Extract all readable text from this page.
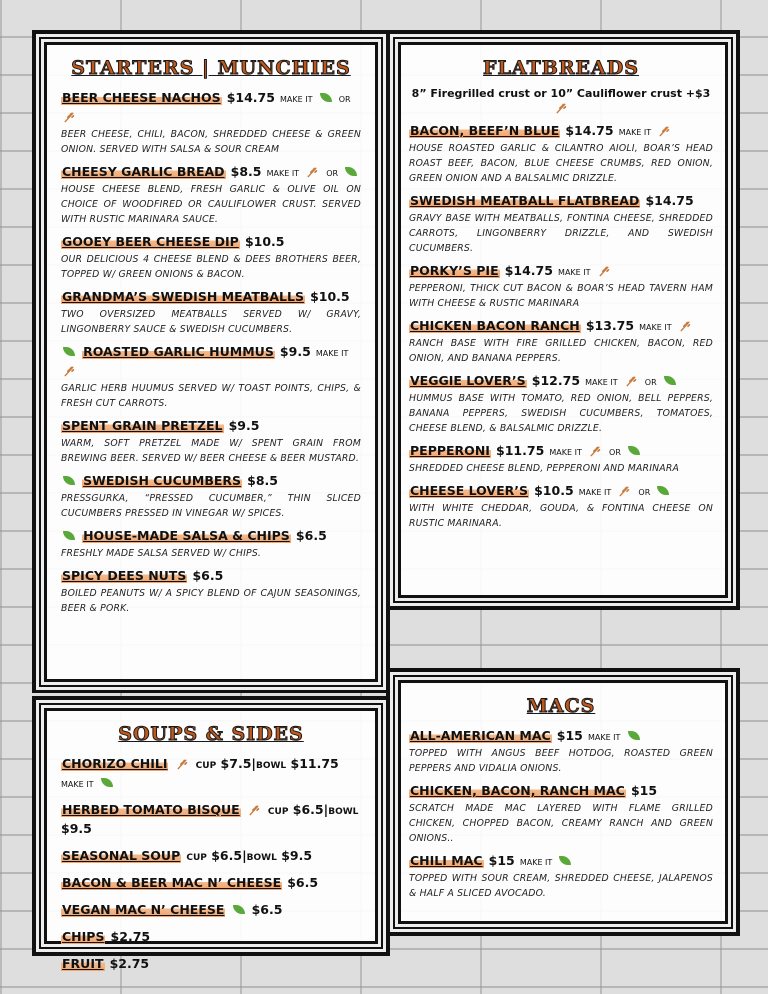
STARTERS | MUNCHIES
BEER CHEESE NACHOS $14.75 MAKE IT	OR
BEER CHEESE, CHILI, BACON, SHREDDED CHEESE & GREEN ONION. SERVED WITH SALSA & SOUR CREAM
CHEESY GARLIC BREAD $8.5 MAKE IT	OR
HOUSE CHEESE BLEND, FRESH GARLIC & OLIVE OIL ON CHOICE OF WOODFIRED OR CAULIFLOWER CRUST. SERVED WITH RUSTIC MARINARA SAUCE.
GOOEY BEER CHEESE DIP $10.5
OUR DELICIOUS 4 CHEESE BLEND & DEES BROTHERS BEER, TOPPED W/ GREEN ONIONS & BACON.
GRANDMA’S SWEDISH MEATBALLS $10.5
TWO OVERSIZED MEATBALLS SERVED W/ GRAVY, LINGONBERRY SAUCE & SWEDISH CUCUMBERS.
ROASTED GARLIC HUMMUS $9.5 MAKE IT
GARLIC HERB HUUMUS SERVED W/ TOAST POINTS, CHIPS, & FRESH CUT CARROTS.
SPENT GRAIN PRETZEL $9.5
WARM, SOFT PRETZEL MADE W/ SPENT GRAIN FROM BREWING BEER. SERVED W/ BEER CHEESE & BEER MUSTARD.
SWEDISH CUCUMBERS $8.5
PRESSGURKA, “PRESSED CUCUMBER,” THIN SLICED CUCUMBERS PRESSED IN VINEGAR W/ SPICES.
HOUSE-MADE SALSA & CHIPS $6.5
FRESHLY MADE SALSA SERVED W/ CHIPS.
SPICY DEES NUTS $6.5
BOILED PEANUTS W/ A SPICY BLEND OF CAJUN SEASONINGS, BEER & PORK.
FLATBREADS
8” Firegrilled crust or 10” Cauliflower crust +$3
BACON, BEEF’N BLUE $14.75 MAKE IT
HOUSE ROASTED GARLIC & CILANTRO AIOLI, BOAR’S HEAD ROAST BEEF, BACON, BLUE CHEESE CRUMBS, RED ONION, GREEN ONION AND A BALSALMIC DRIZZLE.
SWEDISH MEATBALL FLATBREAD $14.75
GRAVY BASE WITH MEATBALLS, FONTINA CHEESE, SHREDDED CARROTS, LINGONBERRY DRIZZLE, AND SWEDISH CUCUMBERS.
PORKY’S PIE $14.75 MAKE IT
PEPPERONI, THICK CUT BACON & BOAR’S HEAD TAVERN HAM WITH CHEESE & RUSTIC MARINARA
CHICKEN BACON RANCH $13.75 MAKE IT
RANCH BASE WITH FIRE GRILLED CHICKEN, BACON, RED ONION, AND BANANA PEPPERS.
VEGGIE LOVER’S $12.75 MAKE IT	OR
HUMMUS BASE WITH TOMATO, RED ONION, BELL PEPPERS, BANANA PEPPERS, SWEDISH CUCUMBERS, TOMATOES, CHEESE BLEND, & BALSALMIC DRIZZLE.
PEPPERONI $11.75 MAKE IT	OR
SHREDDED CHEESE BLEND, PEPPERONI AND MARINARA
CHEESE LOVER’S $10.5 MAKE IT	OR
WITH WHITE CHEDDAR, GOUDA, & FONTINA CHEESE ON RUSTIC MARINARA.
SOUPS & SIDES
CHORIZO CHILI	CUP $7.5|BOWL $11.75 MAKE IT
HERBED TOMATO BISQUE	CUP $6.5|BOWL $9.5
SEASONAL SOUP CUP $6.5|BOWL $9.5
BACON & BEER MAC N’ CHEESE $6.5
VEGAN MAC N’ CHEESE $6.5
CHIPS $2.75
FRUIT $2.75
MACS
ALL-AMERICAN MAC $15 MAKE IT
TOPPED WITH ANGUS BEEF HOTDOG, ROASTED GREEN PEPPERS AND VIDALIA ONIONS.
CHICKEN, BACON, RANCH MAC $15
SCRATCH MADE MAC LAYERED WITH FLAME GRILLED CHICKEN, CHOPPED BACON, CREAMY RANCH AND GREEN ONIONS..
CHILI MAC $15 MAKE IT
TOPPED WITH SOUR CREAM, SHREDDED CHEESE, JALAPENOS & HALF A SLICED AVOCADO.
